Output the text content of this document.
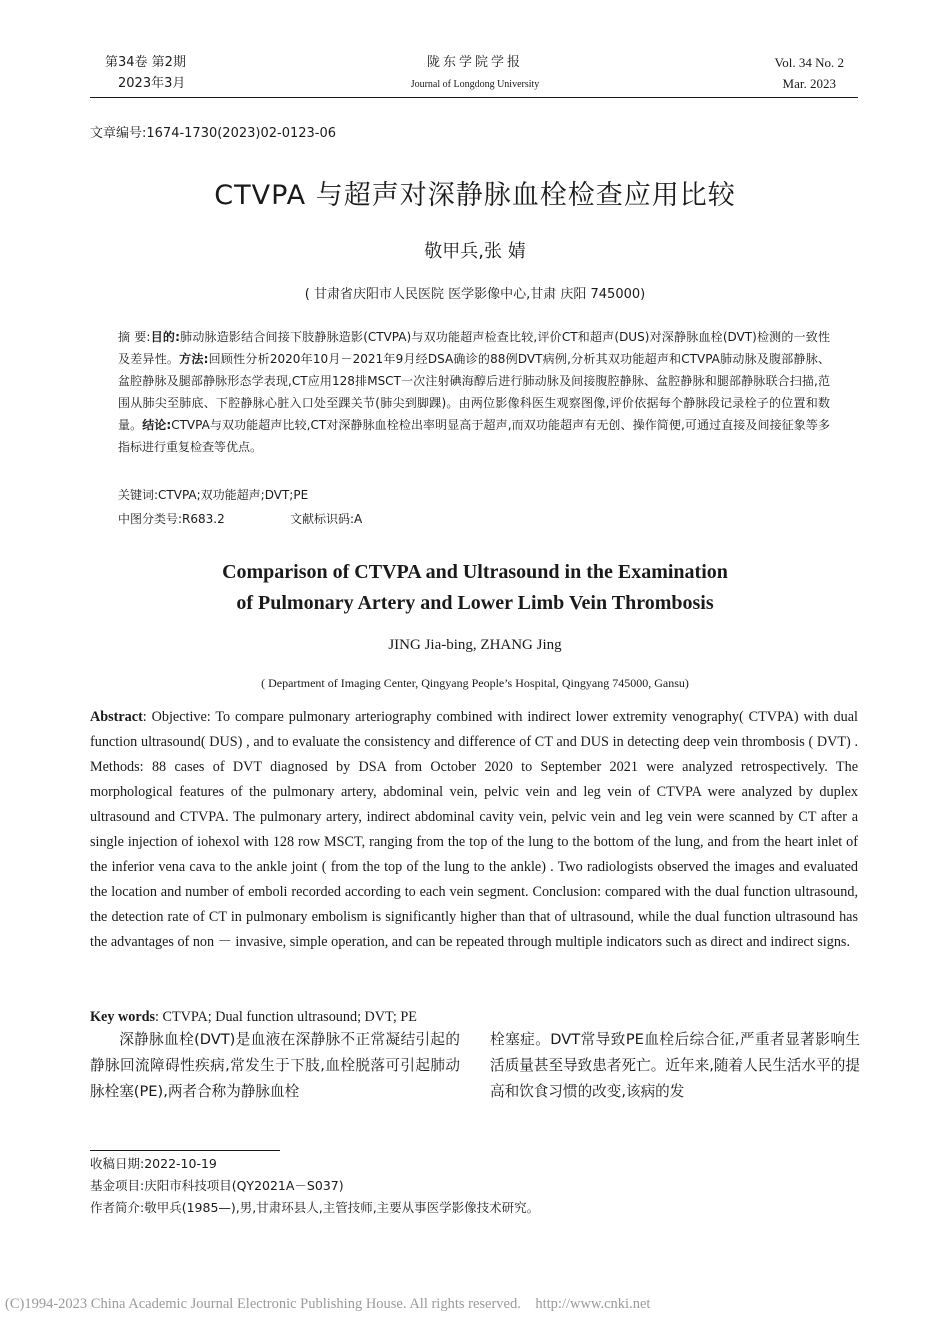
第34卷 第2期
2023年3月
陇东学院学报
Journal of Longdong University
Vol. 34 No. 2
Mar. 2023
文章编号:1674-1730(2023)02-0123-06
CTVPA 与超声对深静脉血栓检查应用比较
敬甲兵,张 婧
( 甘肃省庆阳市人民医院 医学影像中心,甘肃 庆阳 745000)
摘 要:目的:肺动脉造影结合间接下肢静脉造影(CTVPA)与双功能超声检查比较,评价CT和超声(DUS)对深静脉血栓(DVT)检测的一致性及差异性。方法:回顾性分析2020年10月－2021年9月经DSA确诊的88例DVT病例,分析其双功能超声和CTVPA肺动脉及腹部静脉、盆腔静脉及腿部静脉形态学表现,CT应用128排MSCT一次注射碘海醇后进行肺动脉及间接腹腔静脉、盆腔静脉和腿部静脉联合扫描,范围从肺尖至肺底、下腔静脉心脏入口处至踝关节(肺尖到脚踝)。由两位影像科医生观察图像,评价依据每个静脉段记录栓子的位置和数量。结论:CTVPA与双功能超声比较,CT对深静脉血栓检出率明显高于超声,而双功能超声有无创、操作简便,可通过直接及间接征象等多指标进行重复检查等优点。
关键词:CTVPA;双功能超声;DVT;PE
中图分类号:R683.2	文献标识码:A
Comparison of CTVPA and Ultrasound in the Examination
of Pulmonary Artery and Lower Limb Vein Thrombosis
JING Jia-bing, ZHANG Jing
( Department of Imaging Center, Qingyang People’s Hospital, Qingyang 745000, Gansu)
Abstract: Objective: To compare pulmonary arteriography combined with indirect lower extremity venography( CTVPA) with dual function ultrasound( DUS) , and to evaluate the consistency and difference of CT and DUS in detecting deep vein thrombosis ( DVT) . Methods: 88 cases of DVT diagnosed by DSA from October 2020 to September 2021 were analyzed retrospectively. The morphological features of the pulmonary artery, abdominal vein, pelvic vein and leg vein of CTVPA were analyzed by duplex ultrasound and CTVPA. The pulmonary artery, indirect abdominal cavity vein, pelvic vein and leg vein were scanned by CT after a single injection of iohexol with 128 row MSCT, ranging from the top of the lung to the bottom of the lung, and from the heart inlet of the inferior vena cava to the ankle joint ( from the top of the lung to the ankle) . Two radiologists observed the images and evaluated the location and number of emboli recorded according to each vein segment. Conclusion: compared with the dual function ultrasound, the detection rate of CT in pulmonary embolism is significantly higher than that of ultrasound, while the dual function ultrasound has the advantages of non － invasive, simple operation, and can be repeated through multiple indicators such as direct and indirect signs.
Key words: CTVPA; Dual function ultrasound; DVT; PE
深静脉血栓(DVT)是血液在深静脉不正常凝结引起的静脉回流障碍性疾病,常发生于下肢,血栓脱落可引起肺动脉栓塞(PE),两者合称为静脉血栓
栓塞症。DVT常导致PE血栓后综合征,严重者显著影响生活质量甚至导致患者死亡。近年来,随着人民生活水平的提高和饮食习惯的改变,该病的发
收稿日期:2022-10-19
基金项目:庆阳市科技项目(QY2021A－S037)
作者简介:敬甲兵(1985—),男,甘肃环县人,主管技师,主要从事医学影像技术研究。
(C)1994-2023 China Academic Journal Electronic Publishing House. All rights reserved.    http://www.cnki.net
